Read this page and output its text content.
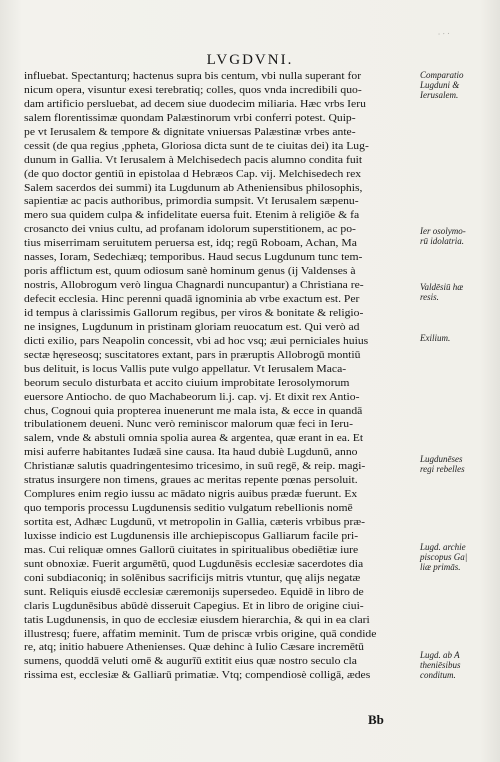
· · ·
LVGDVNI.
influebat. Spectanturq; hactenus supra bis centum, vbi nulla superant for
nicum opera, visuntur exesi terebratiq; colles, quos vnda incredibili quo-
dam artificio persluebat, ad decem siue duodecim miliaria. Hæc vrbs Ieru
salem florentissimæ quondam Palæstinorum vrbi conferri potest. Quip-
pe vt Ierusalem & tempore & dignitate vniuersas Palæstinæ vrbes ante-
cessit (de qua regius ,ppheta, Gloriosa dicta sunt de te ciuitas dei) ita Lug-
dunum in Gallia. Vt Ierusalem à Melchisedech pacis alumno condita fuit
(de quo doctor gentiū in epistolaa d Hebræos Cap. vij. Melchisedech rex
Salem sacerdos dei summi) ita Lugdunum ab Atheniensibus philosophis,
sapientiæ ac pacis authoribus, primordia sumpsit. Vt Ierusalem sæpenu-
mero sua quidem culpa & infidelitate euersa fuit. Etenim à religiōe & fa
crosancto dei vnius cultu, ad profanam idolorum superstitionem, ac po-
tius miserrimam seruitutem peruersa est, idq; regū Roboam, Achan, Ma
nasses, Ioram, Sedechiæq; temporibus. Haud secus Lugdunum tunc tem-
poris afflictum est, quum odiosum sanè hominum genus (ij Valdenses à
nostris, Allobrogum verò lingua Chagnardi nuncupantur) a Christiana re-
defecit ecclesia. Hinc perenni quadā ignominia ab vrbe exactum est. Per
id tempus à clarissimis Gallorum regibus, per viros & bonitate & religio-
ne insignes, Lugdunum in pristinam gloriam reuocatum est. Qui verò ad
dicti exilio, pars Neapolin concessit, vbi ad hoc vsq; æui perniciales huius
sectæ hęreseosq; suscitatores extant, pars in præruptis Allobrogū montiū
bus delituit, is locus Vallis pute vulgo appellatur. Vt Ierusalem Maca-
beorum seculo disturbata et accito ciuium improbitate Ierosolymorum
euersore Antiocho. de quo Machabeorum li.j. cap. vj. Et dixit rex Antio-
chus, Cognoui quia propterea inuenerunt me mala ista, & ecce in quandā
tribulationem deueni. Nunc verò reminiscor malorum quæ feci in Ieru-
salem, vnde & abstuli omnia spolia aurea & argentea, quæ erant in ea. Et
misi auferre habitantes Iudæā sine causa. Ita haud dubiè Lugdunū, anno
Christianæ salutis quadringentesimo tricesimo, in suū regē, & reip. magi-
stratus insurgere non timens, graues ac meritas repente pœnas persoluit.
Complures enim regio iussu ac mādato nigris auibus prædæ fuerunt. Ex
quo temporis processu Lugdunensis seditio vulgatum rebellionis nomē
sortita est, Adhæc Lugdunū, vt metropolin in Gallia, cæteris vrbibus præ-
luxisse indicio est Lugdunensis ille archiepiscopus Galliarum facile pri-
mas. Cui reliquæ omnes Gallorū ciuitates in spiritualibus obediētiæ iure
sunt obnoxiæ. Fuerit argumētū, quod Lugdunēsis ecclesiæ sacerdotes dia
coni subdiaconiq; in solēnibus sacrificijs mitris vtuntur, quę alijs negatæ
sunt. Reliquis eiusdē ecclesiæ cæremonijs supersedeo. Equidē in libro de
claris Lugdunēsibus abūdè disseruit Capegius. Et in libro de origine ciui-
tatis Lugdunensis, in quo de ecclesiæ eiusdem hierarchia, & qui in ea clari
illustresq; fuere, affatim meminit. Tum de priscæ vrbis origine, quā condide
re, atq; initio habuere Athenienses. Quæ dehinc à Iulio Cæsare incremētū
sumens, quoddā veluti omē & augurīū extitit eius quæ nostro seculo cla
rissima est, ecclesiæ & Galliarū primatiæ. Vtq; compendiosè colligā, ædes
Comparatio
Lugduni &
Ierusalem.
Ier osolymo-
rū idolatria.
Valdēsiū hæ
resis.
Exilium.
Lugdunēses
regi rebelles
Lugd. archie
piscopus Ga|
liæ primās.
Lugd. ab A
theniēsibus
conditum.
Bb
